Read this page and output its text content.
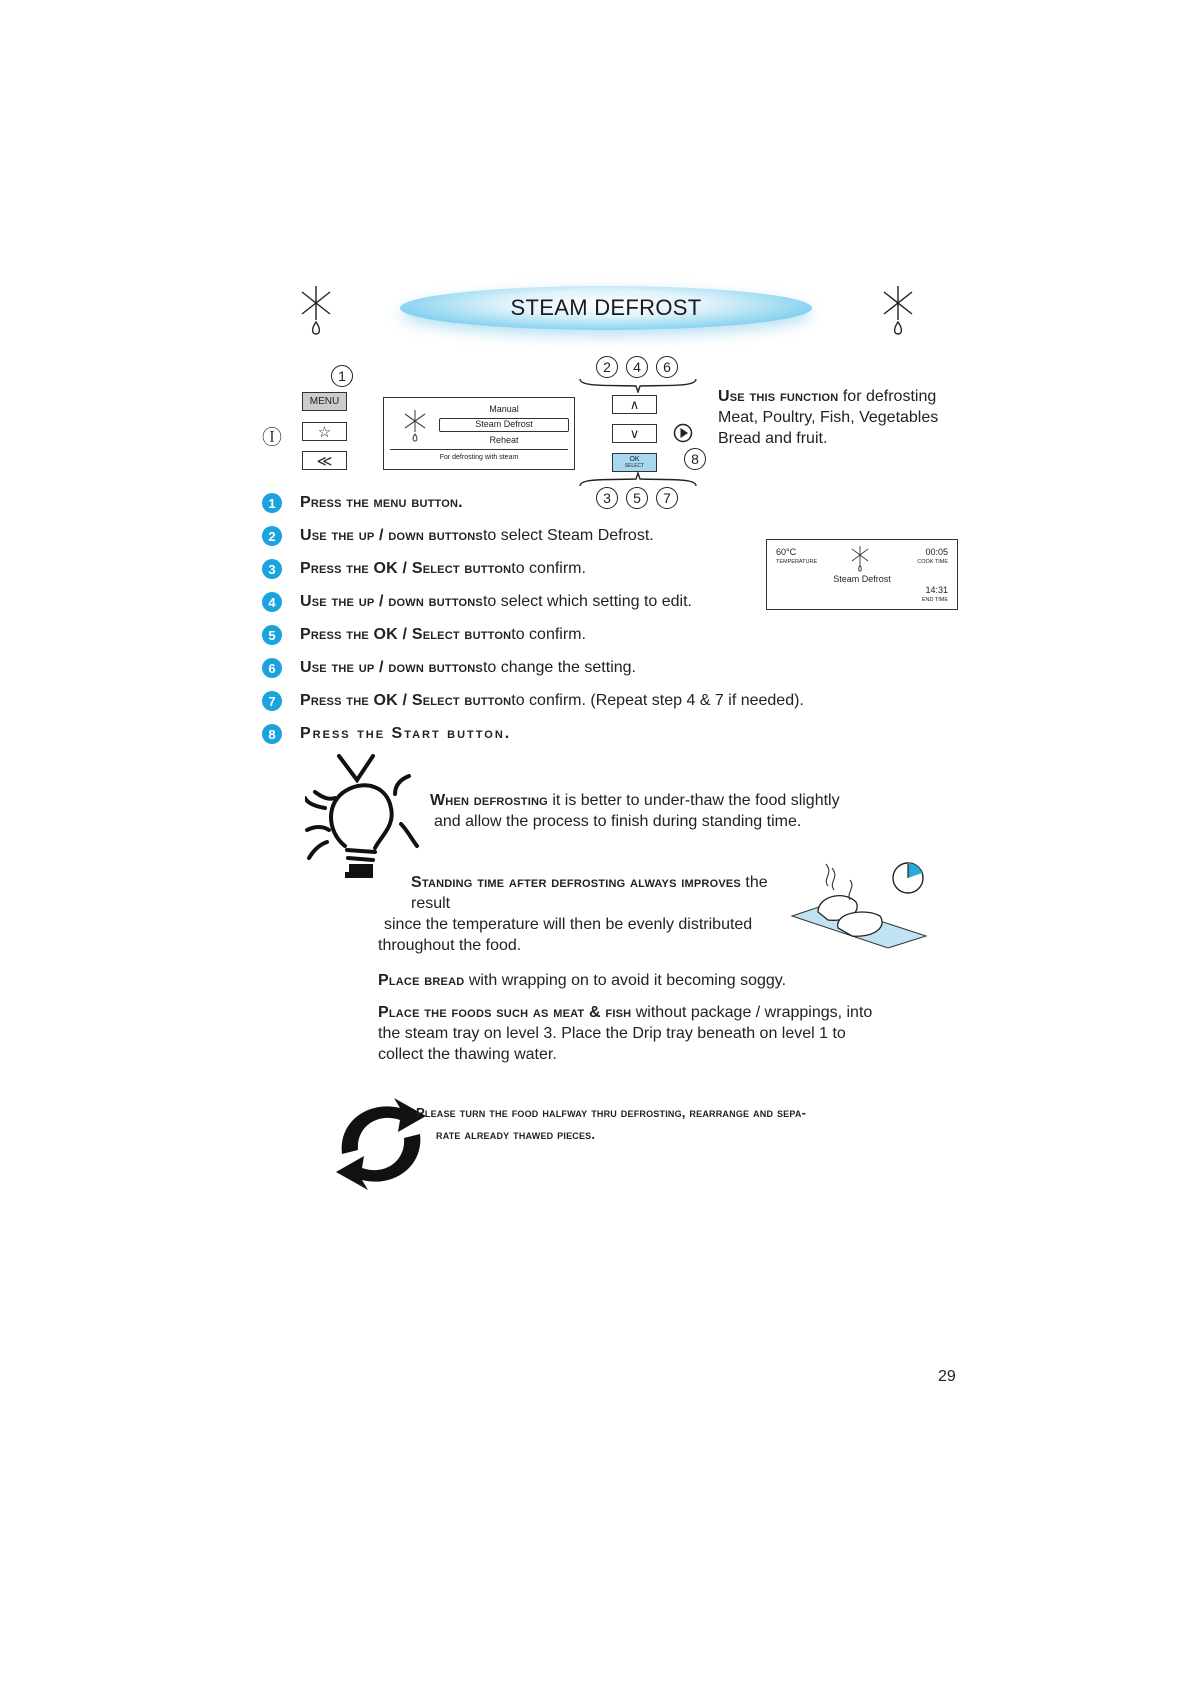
STEAM DEFROST
1
MENU
Ⓘ	☆
≪
Manual
Steam Defrost
Reheat
For defrosting with steam
2	4	6
∧
∨
OK
SELECT	8
3	5	7
Use this function for defrosting
Meat, Poultry, Fish, Vegetables
Bread and fruit.
60°C
TEMPERATURE
00:05
COOK TIME
Steam Defrost
14:31
END TIME
1	Press the menu button.
2	Use the up / down buttons to select Steam Defrost.
3	Press the OK / Select button to confirm.
4	Use the up / down buttons to select which setting to edit.
5	Press the OK / Select button to confirm.
6	Use the up / down buttons to change the setting.
7	Press the OK / Select button to confirm. (Repeat step 4 & 7 if needed).
8	Press the Start button.
When defrosting it is better to under-thaw the food slightly
and allow the process to finish during standing time.
Standing time after defrosting always improves the result
since the temperature will then be evenly distributed
throughout the food.
Place bread with wrapping on to avoid it becoming soggy.
Place the foods such as meat & fish without package / wrappings, into
the steam tray on level 3. Place the Drip tray beneath on level 1 to
collect the thawing water.
Please turn the food halfway thru defrosting, rearrange and sepa-
rate already thawed pieces.
29
